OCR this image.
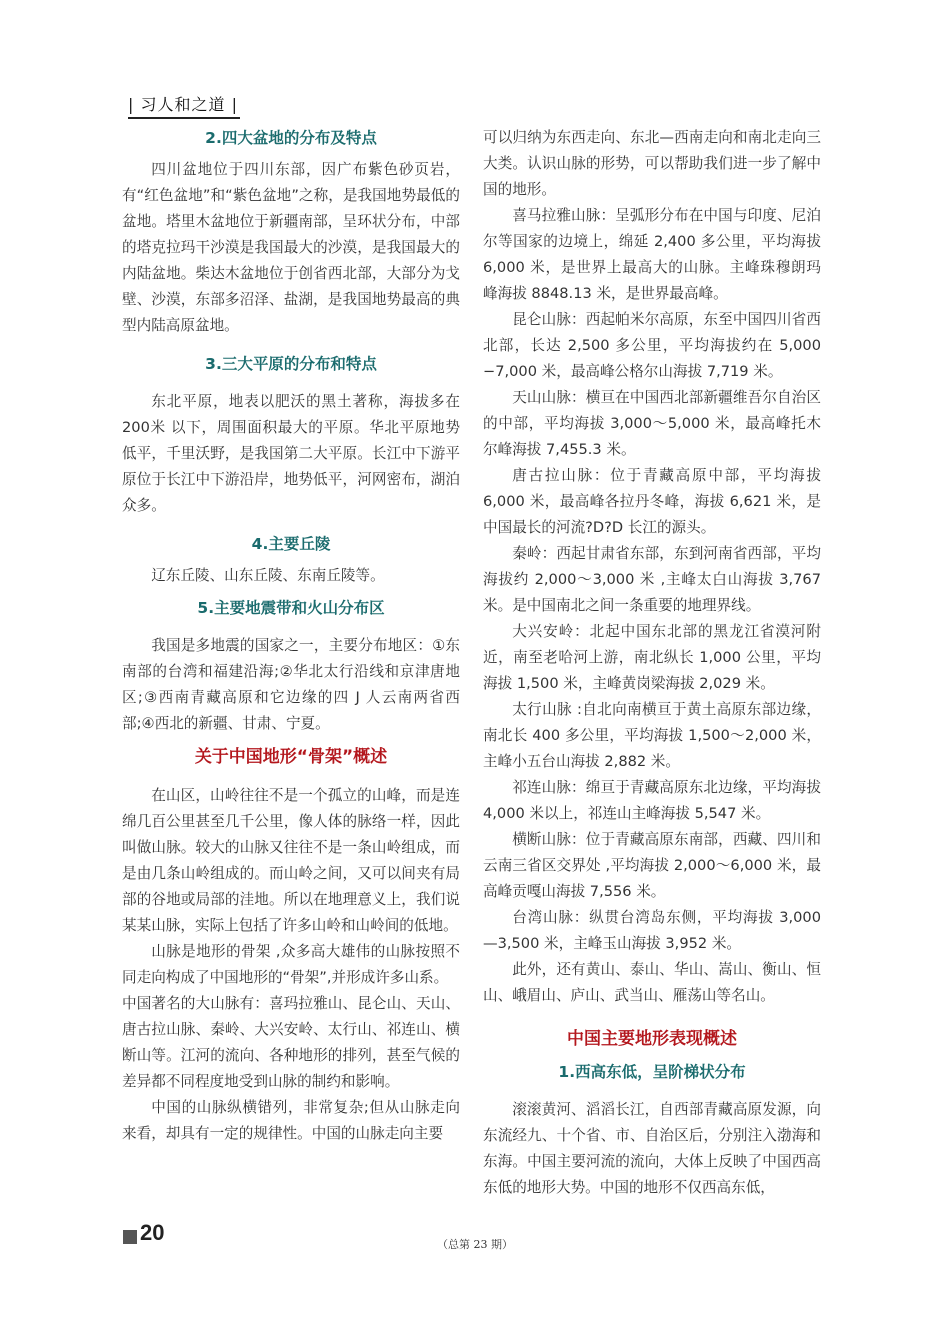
| 习人和之道 |
2.四大盆地的分布及特点

四川盆地位于四川东部，因广布紫色砂页岩，有“红色盆地”和“紫色盆地”之称，是我国地势最低的盆地。塔里木盆地位于新疆南部，呈环状分布，中部的塔克拉玛干沙漠是我国最大的沙漠，是我国最大的内陆盆地。柴达木盆地位于创省西北部，大部分为戈壁、沙漠，东部多沼泽、盐湖，是我国地势最高的典型内陆高原盆地。

3.三大平原的分布和特点

东北平原，地表以肥沃的黑土著称，海拔多在200米 以下，周围面积最大的平原。华北平原地势低平，千里沃野，是我国第二大平原。长江中下游平原位于长江中下游沿岸，地势低平，河网密布，湖泊众多。

4.主要丘陵

辽东丘陵、山东丘陵、东南丘陵等。

5.主要地震带和火山分布区

我国是多地震的国家之一，主要分布地区：①东南部的台湾和福建沿海;②华北太行沿线和京津唐地区;③西南青藏高原和它边缘的四 J 人云南两省西部;④西北的新疆、甘肃、宁夏。

关于中国地形“骨架”概述

在山区，山岭往往不是一个孤立的山峰，而是连绵几百公里甚至几千公里，像人体的脉络一样，因此叫做山脉。较大的山脉又往往不是一条山岭组成，而是由几条山岭组成的。而山岭之间，又可以间夹有局部的谷地或局部的洼地。所以在地理意义上，我们说某某山脉，实际上包括了许多山岭和山岭间的低地。

山脉是地形的骨架 ,众多高大雄伟的山脉按照不同走向构成了中国地形的“骨架”,并形成许多山系。

中国著名的大山脉有：喜玛拉雅山、昆仑山、天山、唐古拉山脉、秦岭、大兴安岭、太行山、祁连山、横断山等。江河的流向、各种地形的排列，甚至气候的差异都不同程度地受到山脉的制约和影响。

中国的山脉纵横错列，非常复杂;但从山脉走向来看，却具有一定的规律性。中国的山脉走向主要

可以归纳为东西走向、东北—西南走向和南北走向三大类。认识山脉的形势，可以帮助我们进一步了解中国的地形。

喜马拉雅山脉：呈弧形分布在中国与印度、尼泊尔等国家的边境上，绵延 2,400 多公里，平均海拔 6,000 米，是世界上最高大的山脉。主峰珠穆朗玛峰海拔 8848.13 米，是世界最高峰。

昆仑山脉：西起帕米尔高原，东至中国四川省西北部，长达 2,500 多公里，平均海拔约在 5,000 −7,000 米，最高峰公格尔山海拔 7,719 米。

天山山脉：横亘在中国西北部新疆维吾尔自治区的中部，平均海拔 3,000～5,000 米，最高峰托木尔峰海拔 7,455.3 米。

唐古拉山脉：位于青藏高原中部，平均海拔 6,000 米，最高峰各拉丹冬峰，海拔 6,621 米，是中国最长的河流?D?D 长江的源头。

秦岭：西起甘肃省东部，东到河南省西部，平均海拔约 2,000～3,000 米 ,主峰太白山海拔 3,767 米。是中国南北之间一条重要的地理界线。

大兴安岭：北起中国东北部的黑龙江省漠河附近，南至老哈河上游，南北纵长 1,000 公里，平均海拔 1,500 米，主峰黄岗梁海拔 2,029 米。

太行山脉 :自北向南横亘于黄土高原东部边缘，南北长 400 多公里，平均海拔 1,500～2,000 米，主峰小五台山海拔 2,882 米。

祁连山脉：绵亘于青藏高原东北边缘，平均海拔 4,000 米以上，祁连山主峰海拔 5,547 米。

横断山脉：位于青藏高原东南部，西藏、四川和云南三省区交界处 ,平均海拔 2,000～6,000 米，最高峰贡嘎山海拔 7,556 米。

台湾山脉：纵贯台湾岛东侧，平均海拔 3,000—3,500 米，主峰玉山海拔 3,952 米。

此外，还有黄山、泰山、华山、嵩山、衡山、恒山、峨眉山、庐山、武当山、雁荡山等名山。

中国主要地形表现概述
1.西高东低，呈阶梯状分布

滚滚黄河、滔滔长江，自西部青藏高原发源，向东流经九、十个省、市、自治区后，分别注入渤海和东海。中国主要河流的流向，大体上反映了中国西高东低的地形大势。中国的地形不仅西高东低，

20	（总第 23 期）
